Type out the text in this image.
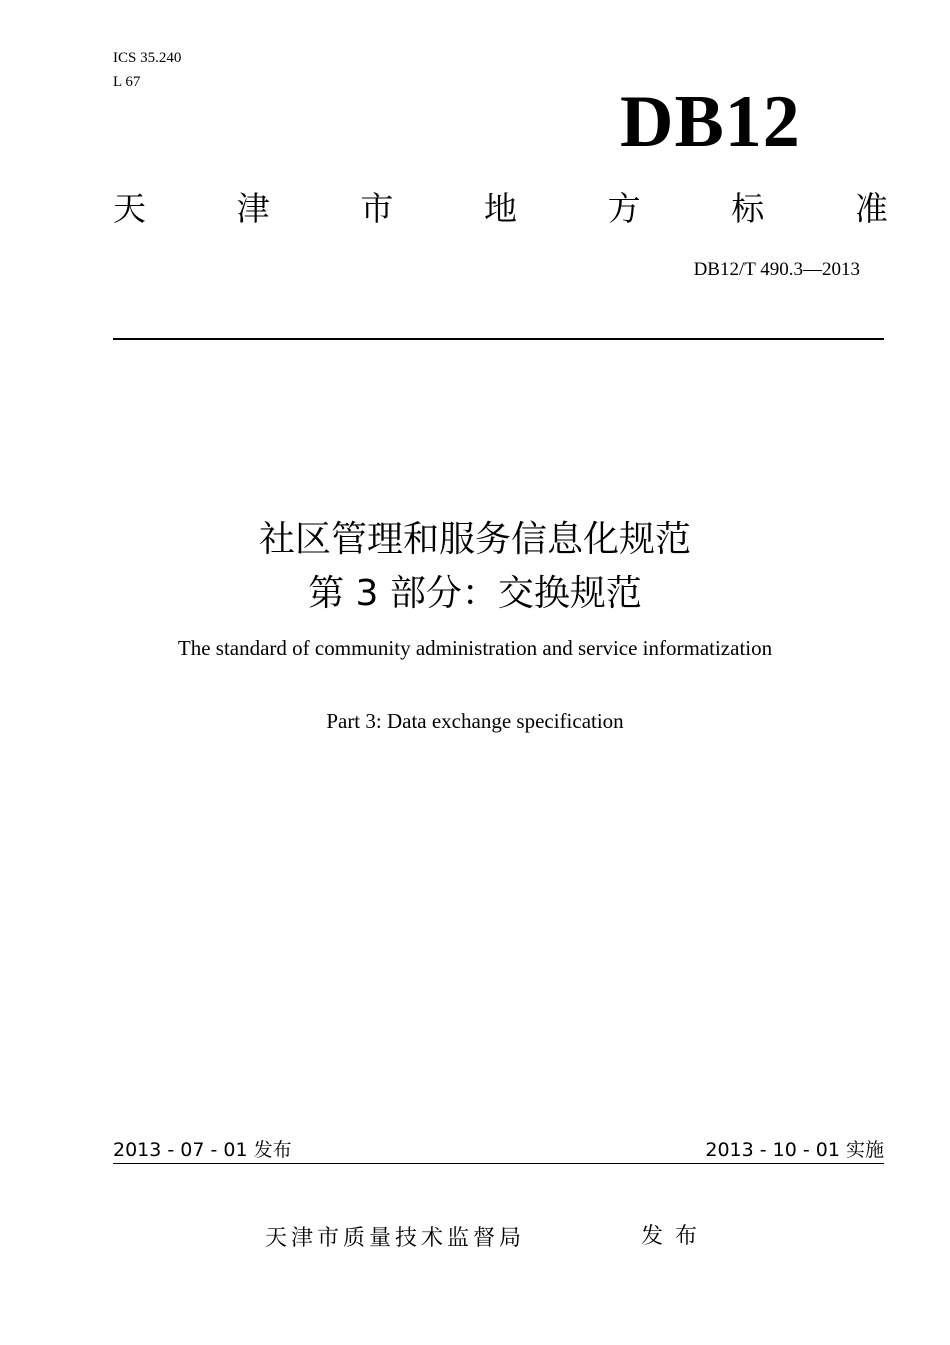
ICS 35.240
L 67	DB12
天	津	市	地	方	标	准
DB12/T 490.3—2013
社区管理和服务信息化规范
第 3 部分：交换规范
The standard of community administration and service informatization
Part 3: Data exchange specification
2013 - 07 - 01 发布	2013 - 10 - 01 实施
天津市质量技术监督局	发布
